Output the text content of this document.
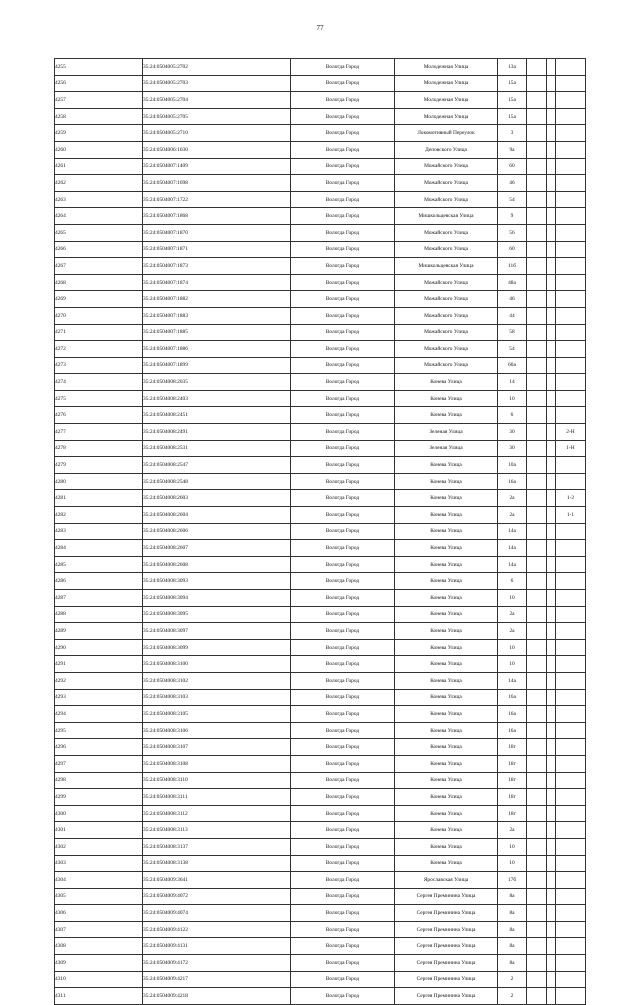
77
4255	35:24:0504005:2702	Вологда Город	Молодежная Улица	13а			
4256	35:24:0504005:2703	Вологда Город	Молодежная Улица	15а			
4257	35:24:0504005:2704	Вологда Город	Молодежная Улица	15а			
4258	35:24:0504005:2705	Вологда Город	Молодежная Улица	15а			
4259	35:24:0504005:2710	Вологда Город	Локомотивный Переулок	3			
4260	35:24:0504006:1030	Вологда Город	Деповского Улица	9а			
4261	35:24:0504007:1409	Вологда Город	Можайского Улица	60			
4262	35:24:0504007:1698	Вологда Город	Можайского Улица	46			
4263	35:24:0504007:1722	Вологда Город	Можайского Улица	54			
4264	35:24:0504007:1868	Вологда Город	Мишкольцевская Улица	9			
4265	35:24:0504007:1870	Вологда Город	Можайского Улица	56			
4266	35:24:0504007:1871	Вологда Город	Можайского Улица	60			
4267	35:24:0504007:1873	Вологда Город	Мишкольцевская Улица	11б			
4268	35:24:0504007:1874	Вологда Город	Можайского Улица	48а			
4269	35:24:0504007:1882	Вологда Город	Можайского Улица	46			
4270	35:24:0504007:1883	Вологда Город	Можайского Улица	44			
4271	35:24:0504007:1885	Вологда Город	Можайского Улица	58			
4272	35:24:0504007:1886	Вологда Город	Можайского Улица	54			
4273	35:24:0504007:1899	Вологда Город	Можайского Улица	60а			
4274	35:24:0504008:2035	Вологда Город	Конева Улица	14			
4275	35:24:0504008:2403	Вологда Город	Конева Улица	10			
4276	35:24:0504008:2451	Вологда Город	Конева Улица	6			
4277	35:24:0504008:2491	Вологда Город	Зеленая Улица	30			2-Н
4278	35:24:0504008:2531	Вологда Город	Зеленая Улица	30			1-Н
4279	35:24:0504008:2547	Вологда Город	Конева Улица	10а			
4280	35:24:0504008:2548	Вологда Город	Конева Улица	16а			
4281	35:24:0504008:2603	Вологда Город	Конева Улица	2а			1-2
4282	35:24:0504008:2604	Вологда Город	Конева Улица	2а			1-1
4283	35:24:0504008:2606	Вологда Город	Конева Улица	14а			
4284	35:24:0504008:2607	Вологда Город	Конева Улица	14а			
4285	35:24:0504008:2608	Вологда Город	Конева Улица	14а			
4286	35:24:0504008:3093	Вологда Город	Конева Улица	6			
4287	35:24:0504008:3094	Вологда Город	Конева Улица	10			
4288	35:24:0504008:3095	Вологда Город	Конева Улица	2а			
4289	35:24:0504008:3097	Вологда Город	Конева Улица	2а			
4290	35:24:0504008:3099	Вологда Город	Конева Улица	10			
4291	35:24:0504008:3100	Вологда Город	Конева Улица	10			
4292	35:24:0504008:3102	Вологда Город	Конева Улица	14а			
4293	35:24:0504008:3103	Вологда Город	Конева Улица	16а			
4294	35:24:0504008:3105	Вологда Город	Конева Улица	16а			
4295	35:24:0504008:3106	Вологда Город	Конева Улица	16а			
4296	35:24:0504008:3107	Вологда Город	Конева Улица	18г			
4297	35:24:0504008:3108	Вологда Город	Конева Улица	18г			
4298	35:24:0504008:3110	Вологда Город	Конева Улица	18г			
4299	35:24:0504008:3111	Вологда Город	Конева Улица	18г			
4300	35:24:0504008:3112	Вологда Город	Конева Улица	18г			
4301	35:24:0504008:3113	Вологда Город	Конева Улица	2а			
4302	35:24:0504008:3137	Вологда Город	Конева Улица	10			
4303	35:24:0504008:3138	Вологда Город	Конева Улица	10			
4304	35:24:0504009:3641	Вологда Город	Ярославская Улица	17б			
4305	35:24:0504009:4072	Вологда Город	Сергея Преминина Улица	8а			
4306	35:24:0504009:4074	Вологда Город	Сергея Преминина Улица	8а			
4307	35:24:0504009:4122	Вологда Город	Сергея Преминина Улица	8а			
4308	35:24:0504009:4131	Вологда Город	Сергея Преминина Улица	8а			
4309	35:24:0504009:4172	Вологда Город	Сергея Преминина Улица	8а			
4310	35:24:0504009:4217	Вологда Город	Сергея Преминина Улица	2			
4311	35:24:0504009:4218	Вологда Город	Сергея Преминина Улица	2			
